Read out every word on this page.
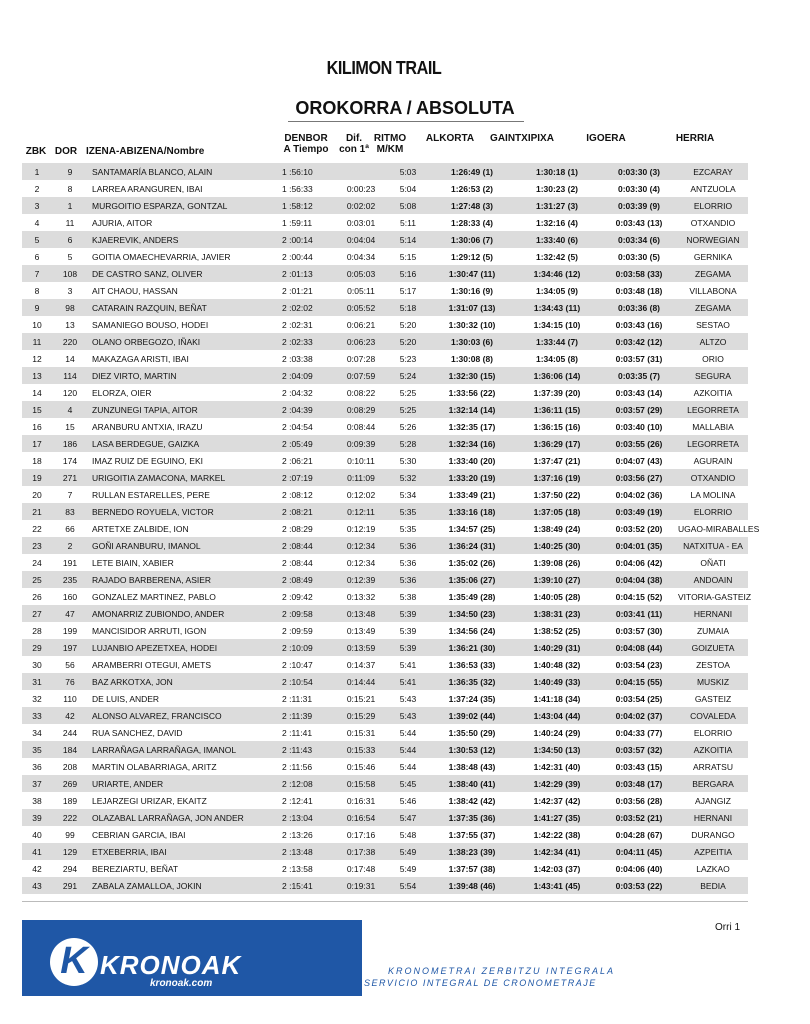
KILIMON TRAIL
OROKORRA / ABSOLUTA
ZBK DOR IZENA-ABIZENA/Nombre
DENBOR
A Tiempo
Dif.
con 1ª
RITMO
M/KM
ALKORTA	GAINTXIPIXA	IGOERA	HERRIA
1	9	SANTAMARÍA BLANCO, ALAIN	1 :56:10		5:03	1:26:49 (1)	1:30:18 (1)	0:03:30 (3)	EZCARAY
2	8	LARREA ARANGUREN, IBAI	1 :56:33	0:00:23	5:04	1:26:53 (2)	1:30:23 (2)	0:03:30 (4)	ANTZUOLA
3	1	MURGOITIO ESPARZA, GONTZAL	1 :58:12	0:02:02	5:08	1:27:48 (3)	1:31:27 (3)	0:03:39 (9)	ELORRIO
4	11	AJURIA, AITOR	1 :59:11	0:03:01	5:11	1:28:33 (4)	1:32:16 (4)	0:03:43 (13)	OTXANDIO
5	6	KJAEREVIK, ANDERS	2 :00:14	0:04:04	5:14	1:30:06 (7)	1:33:40 (6)	0:03:34 (6)	NORWEGIAN
6	5	GOITIA OMAECHEVARRIA, JAVIER	2 :00:44	0:04:34	5:15	1:29:12 (5)	1:32:42 (5)	0:03:30 (5)	GERNIKA
7	108	DE CASTRO SANZ, OLIVER	2 :01:13	0:05:03	5:16	1:30:47 (11)	1:34:46 (12)	0:03:58 (33)	ZEGAMA
8	3	AIT CHAOU, HASSAN	2 :01:21	0:05:11	5:17	1:30:16 (9)	1:34:05 (9)	0:03:48 (18)	VILLABONA
9	98	CATARAIN RAZQUIN, BEÑAT	2 :02:02	0:05:52	5:18	1:31:07 (13)	1:34:43 (11)	0:03:36 (8)	ZEGAMA
10	13	SAMANIEGO BOUSO, HODEI	2 :02:31	0:06:21	5:20	1:30:32 (10)	1:34:15 (10)	0:03:43 (16)	SESTAO
11	220	OLANO ORBEGOZO, IÑAKI	2 :02:33	0:06:23	5:20	1:30:03 (6)	1:33:44 (7)	0:03:42 (12)	ALTZO
12	14	MAKAZAGA ARISTI, IBAI	2 :03:38	0:07:28	5:23	1:30:08 (8)	1:34:05 (8)	0:03:57 (31)	ORIO
13	114	DIEZ VIRTO, MARTIN	2 :04:09	0:07:59	5:24	1:32:30 (15)	1:36:06 (14)	0:03:35 (7)	SEGURA
14	120	ELORZA, OIER	2 :04:32	0:08:22	5:25	1:33:56 (22)	1:37:39 (20)	0:03:43 (14)	AZKOITIA
15	4	ZUNZUNEGI TAPIA, AITOR	2 :04:39	0:08:29	5:25	1:32:14 (14)	1:36:11 (15)	0:03:57 (29)	LEGORRETA
16	15	ARANBURU ANTXIA, IRAZU	2 :04:54	0:08:44	5:26	1:32:35 (17)	1:36:15 (16)	0:03:40 (10)	MALLABIA
17	186	LASA BERDEGUE, GAIZKA	2 :05:49	0:09:39	5:28	1:32:34 (16)	1:36:29 (17)	0:03:55 (26)	LEGORRETA
18	174	IMAZ RUIZ DE EGUINO, EKI	2 :06:21	0:10:11	5:30	1:33:40 (20)	1:37:47 (21)	0:04:07 (43)	AGURAIN
19	271	URIGOITIA ZAMACONA, MARKEL	2 :07:19	0:11:09	5:32	1:33:20 (19)	1:37:16 (19)	0:03:56 (27)	OTXANDIO
20	7	RULLAN ESTARELLES, PERE	2 :08:12	0:12:02	5:34	1:33:49 (21)	1:37:50 (22)	0:04:02 (36)	LA MOLINA
21	83	BERNEDO ROYUELA, VICTOR	2 :08:21	0:12:11	5:35	1:33:16 (18)	1:37:05 (18)	0:03:49 (19)	ELORRIO
22	66	ARTETXE ZALBIDE, ION	2 :08:29	0:12:19	5:35	1:34:57 (25)	1:38:49 (24)	0:03:52 (20)	UGAO-MIRABALLES
23	2	GOÑI ARANBURU, IMANOL	2 :08:44	0:12:34	5:36	1:36:24 (31)	1:40:25 (30)	0:04:01 (35)	NATXITUA - EA
24	191	LETE BIAIN, XABIER	2 :08:44	0:12:34	5:36	1:35:02 (26)	1:39:08 (26)	0:04:06 (42)	OÑATI
25	235	RAJADO BARBERENA, ASIER	2 :08:49	0:12:39	5:36	1:35:06 (27)	1:39:10 (27)	0:04:04 (38)	ANDOAIN
26	160	GONZALEZ MARTINEZ, PABLO	2 :09:42	0:13:32	5:38	1:35:49 (28)	1:40:05 (28)	0:04:15 (52)	VITORIA-GASTEIZ
27	47	AMONARRIZ ZUBIONDO, ANDER	2 :09:58	0:13:48	5:39	1:34:50 (23)	1:38:31 (23)	0:03:41 (11)	HERNANI
28	199	MANCISIDOR ARRUTI, IGON	2 :09:59	0:13:49	5:39	1:34:56 (24)	1:38:52 (25)	0:03:57 (30)	ZUMAIA
29	197	LUJANBIO APEZETXEA, HODEI	2 :10:09	0:13:59	5:39	1:36:21 (30)	1:40:29 (31)	0:04:08 (44)	GOIZUETA
30	56	ARAMBERRI OTEGUI, AMETS	2 :10:47	0:14:37	5:41	1:36:53 (33)	1:40:48 (32)	0:03:54 (23)	ZESTOA
31	76	BAZ ARKOTXA, JON	2 :10:54	0:14:44	5:41	1:36:35 (32)	1:40:49 (33)	0:04:15 (55)	MUSKIZ
32	110	DE LUIS, ANDER	2 :11:31	0:15:21	5:43	1:37:24 (35)	1:41:18 (34)	0:03:54 (25)	GASTEIZ
33	42	ALONSO ALVAREZ, FRANCISCO	2 :11:39	0:15:29	5:43	1:39:02 (44)	1:43:04 (44)	0:04:02 (37)	COVALEDA
34	244	RUA SANCHEZ, DAVID	2 :11:41	0:15:31	5:44	1:35:50 (29)	1:40:24 (29)	0:04:33 (77)	ELORRIO
35	184	LARRAÑAGA LARRAÑAGA, IMANOL	2 :11:43	0:15:33	5:44	1:30:53 (12)	1:34:50 (13)	0:03:57 (32)	AZKOITIA
36	208	MARTIN OLABARRIAGA, ARITZ	2 :11:56	0:15:46	5:44	1:38:48 (43)	1:42:31 (40)	0:03:43 (15)	ARRATSU
37	269	URIARTE, ANDER	2 :12:08	0:15:58	5:45	1:38:40 (41)	1:42:29 (39)	0:03:48 (17)	BERGARA
38	189	LEJARZEGI URIZAR, EKAITZ	2 :12:41	0:16:31	5:46	1:38:42 (42)	1:42:37 (42)	0:03:56 (28)	AJANGIZ
39	222	OLAZABAL LARRAÑAGA, JON ANDER	2 :13:04	0:16:54	5:47	1:37:35 (36)	1:41:27 (35)	0:03:52 (21)	HERNANI
40	99	CEBRIAN GARCIA, IBAI	2 :13:26	0:17:16	5:48	1:37:55 (37)	1:42:22 (38)	0:04:28 (67)	DURANGO
41	129	ETXEBERRIA, IBAI	2 :13:48	0:17:38	5:49	1:38:23 (39)	1:42:34 (41)	0:04:11 (45)	AZPEITIA
42	294	BEREZIARTU, BEÑAT	2 :13:58	0:17:48	5:49	1:37:57 (38)	1:42:03 (37)	0:04:06 (40)	LAZKAO
43	291	ZABALA ZAMALLOA, JOKIN	2 :15:41	0:19:31	5:54	1:39:48 (46)	1:43:41 (45)	0:03:53 (22)	BEDIA
K KRONOAK
kronoak.com
KRONOMETRAI ZERBITZU INTEGRALA
SERVICIO INTEGRAL DE CRONOMETRAJE
Orri 1
